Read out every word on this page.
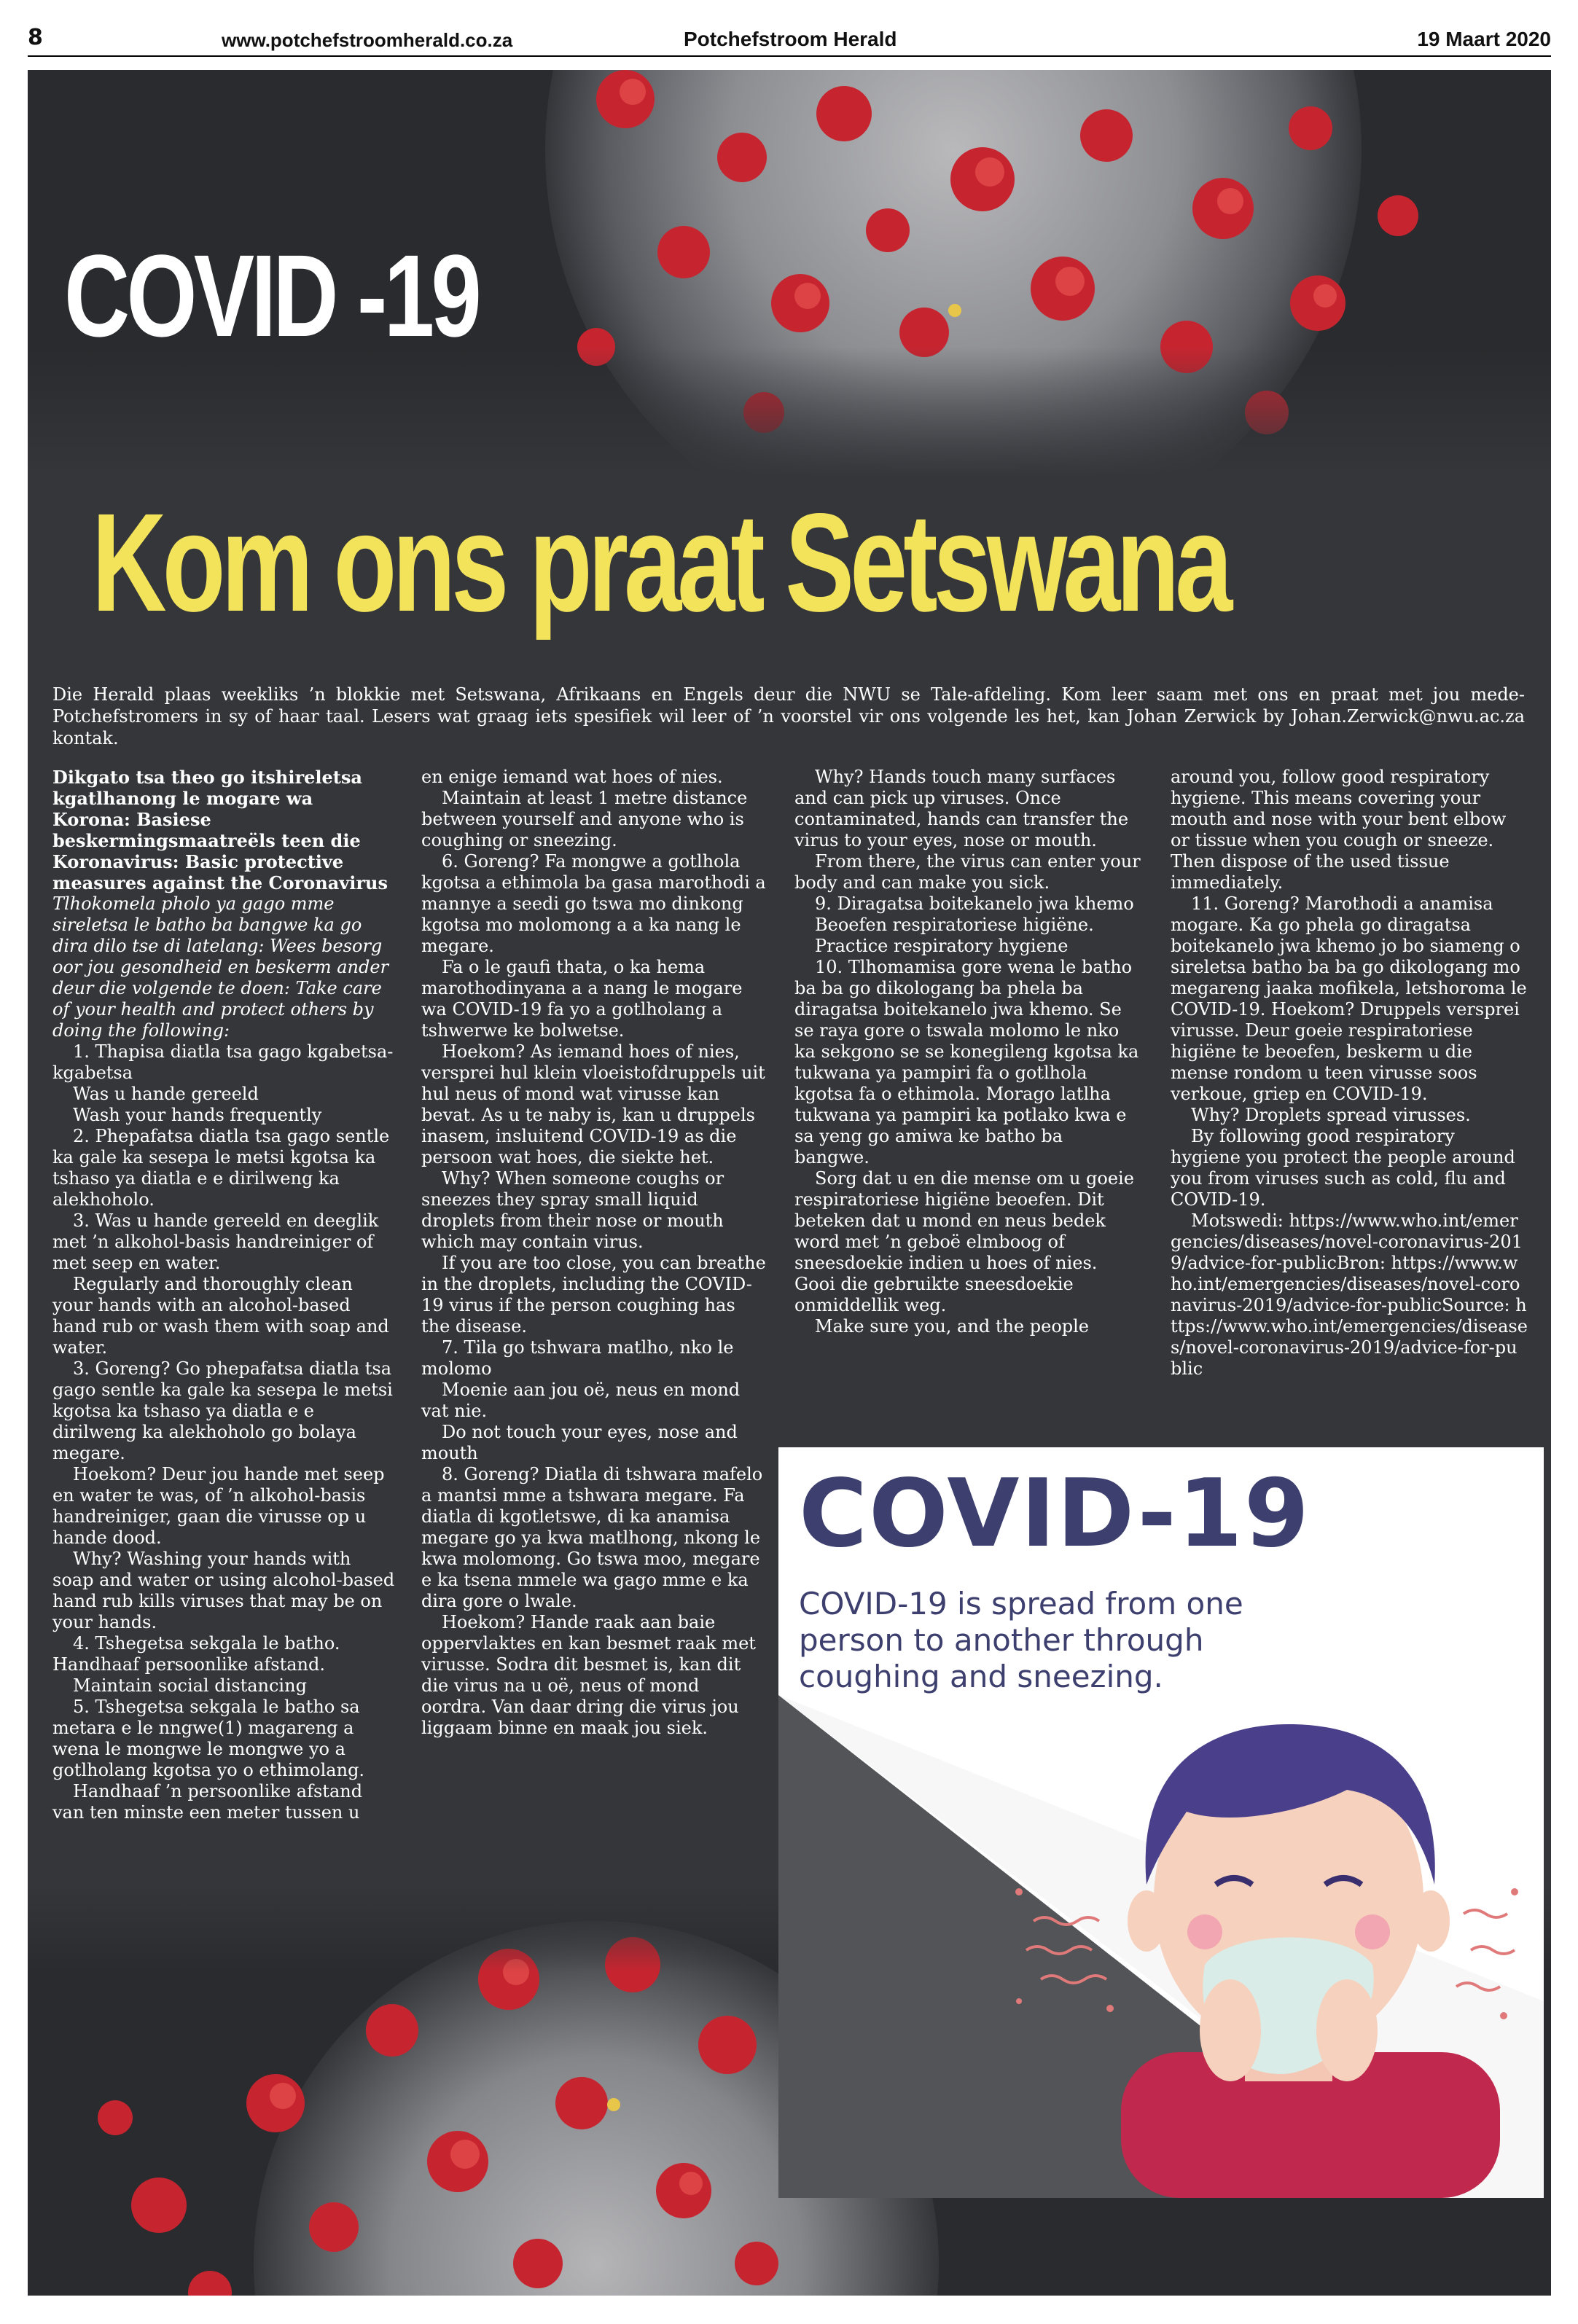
8	www.potchefstroomherald.co.za	Potchefstroom Herald	19 Maart 2020
COVID -19
Kom ons praat Setswana
Die Herald plaas weekliks ’n blokkie met Setswana, Afrikaans en Engels deur die NWU se Tale-afdeling. Kom leer saam met ons en praat met jou mede-Potchefstromers in sy of haar taal. Lesers wat graag iets spesifiek wil leer of ’n voorstel vir ons volgende les het, kan Johan Zerwick by Johan.Zerwick@nwu.ac.za kontak.

Dikgato tsa theo go itshireletsa kgatlhanong le mogare wa Korona: Basiese beskermingsmaatreëls teen die Koronavirus: Basic protective measures against the Coronavirus

Tlhokomela pholo ya gago mme sireletsa le batho ba bangwe ka go dira dilo tse di latelang: Wees besorg oor jou gesondheid en beskerm ander deur die volgende te doen: Take care of your health and protect others by doing the following:

1. Thapisa diatla tsa gago kgabetsa-kgabetsa

Was u hande gereeld

Wash your hands frequently

2. Phepafatsa diatla tsa gago sentle ka gale ka sesepa le metsi kgotsa ka tshaso ya diatla e e dirilweng ka alekhoholo.

3. Was u hande gereeld en deeglik met ’n alkohol-basis handreiniger of met seep en water.

Regularly and thoroughly clean your hands with an alcohol-based hand rub or wash them with soap and water.

3. Goreng? Go phepafatsa diatla tsa gago sentle ka gale ka sesepa le metsi kgotsa ka tshaso ya diatla e e dirilweng ka alekhoholo go bolaya megare.

Hoekom? Deur jou hande met seep en water te was, of ’n alkohol-basis handreiniger, gaan die virusse op u hande dood.

Why? Washing your hands with soap and water or using alcohol-based hand rub kills viruses that may be on your hands.

4. Tshegetsa sekgala le batho. Handhaaf persoonlike afstand.

Maintain social distancing

5. Tshegetsa sekgala le batho sa metara e le nngwe(1) magareng a wena le mongwe le mongwe yo a gotlholang kgotsa yo o ethimolang.

Handhaaf ’n persoonlike afstand van ten minste een meter tussen u

en enige iemand wat hoes of nies.

Maintain at least 1 metre distance between yourself and anyone who is coughing or sneezing.

6. Goreng? Fa mongwe a gotlhola kgotsa a ethimola ba gasa marothodi a mannye a seedi go tswa mo dinkong kgotsa mo molomong a a ka nang le megare.

Fa o le gaufi thata, o ka hema marothodinyana a a nang le mogare wa COVID-19 fa yo a gotlholang a tshwerwe ke bolwetse.

Hoekom? As iemand hoes of nies, versprei hul klein vloeistofdruppels uit hul neus of mond wat virusse kan bevat. As u te naby is, kan u druppels inasem, insluitend COVID-19 as die persoon wat hoes, die siekte het.

Why? When someone coughs or sneezes they spray small liquid droplets from their nose or mouth which may contain virus.

If you are too close, you can breathe in the droplets, including the COVID-19 virus if the person coughing has the disease.

7. Tila go tshwara matlho, nko le molomo

Moenie aan jou oë, neus en mond vat nie.

Do not touch your eyes, nose and mouth

8. Goreng? Diatla di tshwara mafelo a mantsi mme a tshwara megare. Fa diatla di kgotletswe, di ka anamisa megare go ya kwa matlhong, nkong le kwa molomong. Go tswa moo, megare e ka tsena mmele wa gago mme e ka dira gore o lwale.

Hoekom? Hande raak aan baie oppervlaktes en kan besmet raak met virusse. Sodra dit besmet is, kan dit die virus na u oë, neus of mond oordra. Van daar dring die virus jou liggaam binne en maak jou siek.

Why? Hands touch many surfaces and can pick up viruses. Once contaminated, hands can transfer the virus to your eyes, nose or mouth.

From there, the virus can enter your body and can make you sick.

9. Diragatsa boitekanelo jwa khemo

Beoefen respiratoriese higiëne.

Practice respiratory hygiene

10. Tlhomamisa gore wena le batho ba ba go dikologang ba phela ba diragatsa boitekanelo jwa khemo. Se se raya gore o tswala molomo le nko ka sekgono se se konegileng kgotsa ka tukwana ya pampiri fa o gotlhola kgotsa fa o ethimola. Morago latlha tukwana ya pampiri ka potlako kwa e sa yeng go amiwa ke batho ba bangwe.

Sorg dat u en die mense om u goeie respiratoriese higiëne beoefen. Dit beteken dat u mond en neus bedek word met ’n geboë elmboog of sneesdoekie indien u hoes of nies. Gooi die gebruikte sneesdoekie onmiddellik weg.

Make sure you, and the people

around you, follow good respiratory hygiene. This means covering your mouth and nose with your bent elbow or tissue when you cough or sneeze. Then dispose of the used tissue immediately.

11. Goreng? Marothodi a anamisa mogare. Ka go phela go diragatsa boitekanelo jwa khemo jo bo siameng o sireletsa batho ba ba go dikologang mo megareng jaaka mofikela, letshoroma le COVID-19. Hoekom? Druppels versprei virusse. Deur goeie respiratoriese higiëne te beoefen, beskerm u die mense rondom u teen virusse soos verkoue, griep en COVID-19.

Why? Droplets spread virusses.

By following good respiratory hygiene you protect the people around you from viruses such as cold, flu and COVID-19.

Motswedi: https://www.who.int/emergencies/diseases/novel-coronavirus-2019/advice-for-publicBron: https://www.who.int/emergencies/diseases/novel-coronavirus-2019/advice-for-publicSource: https://www.who.int/emergencies/diseases/novel-coronavirus-2019/advice-for-public

COVID-19
COVID-19 is spread from one person to another through coughing and sneezing.
